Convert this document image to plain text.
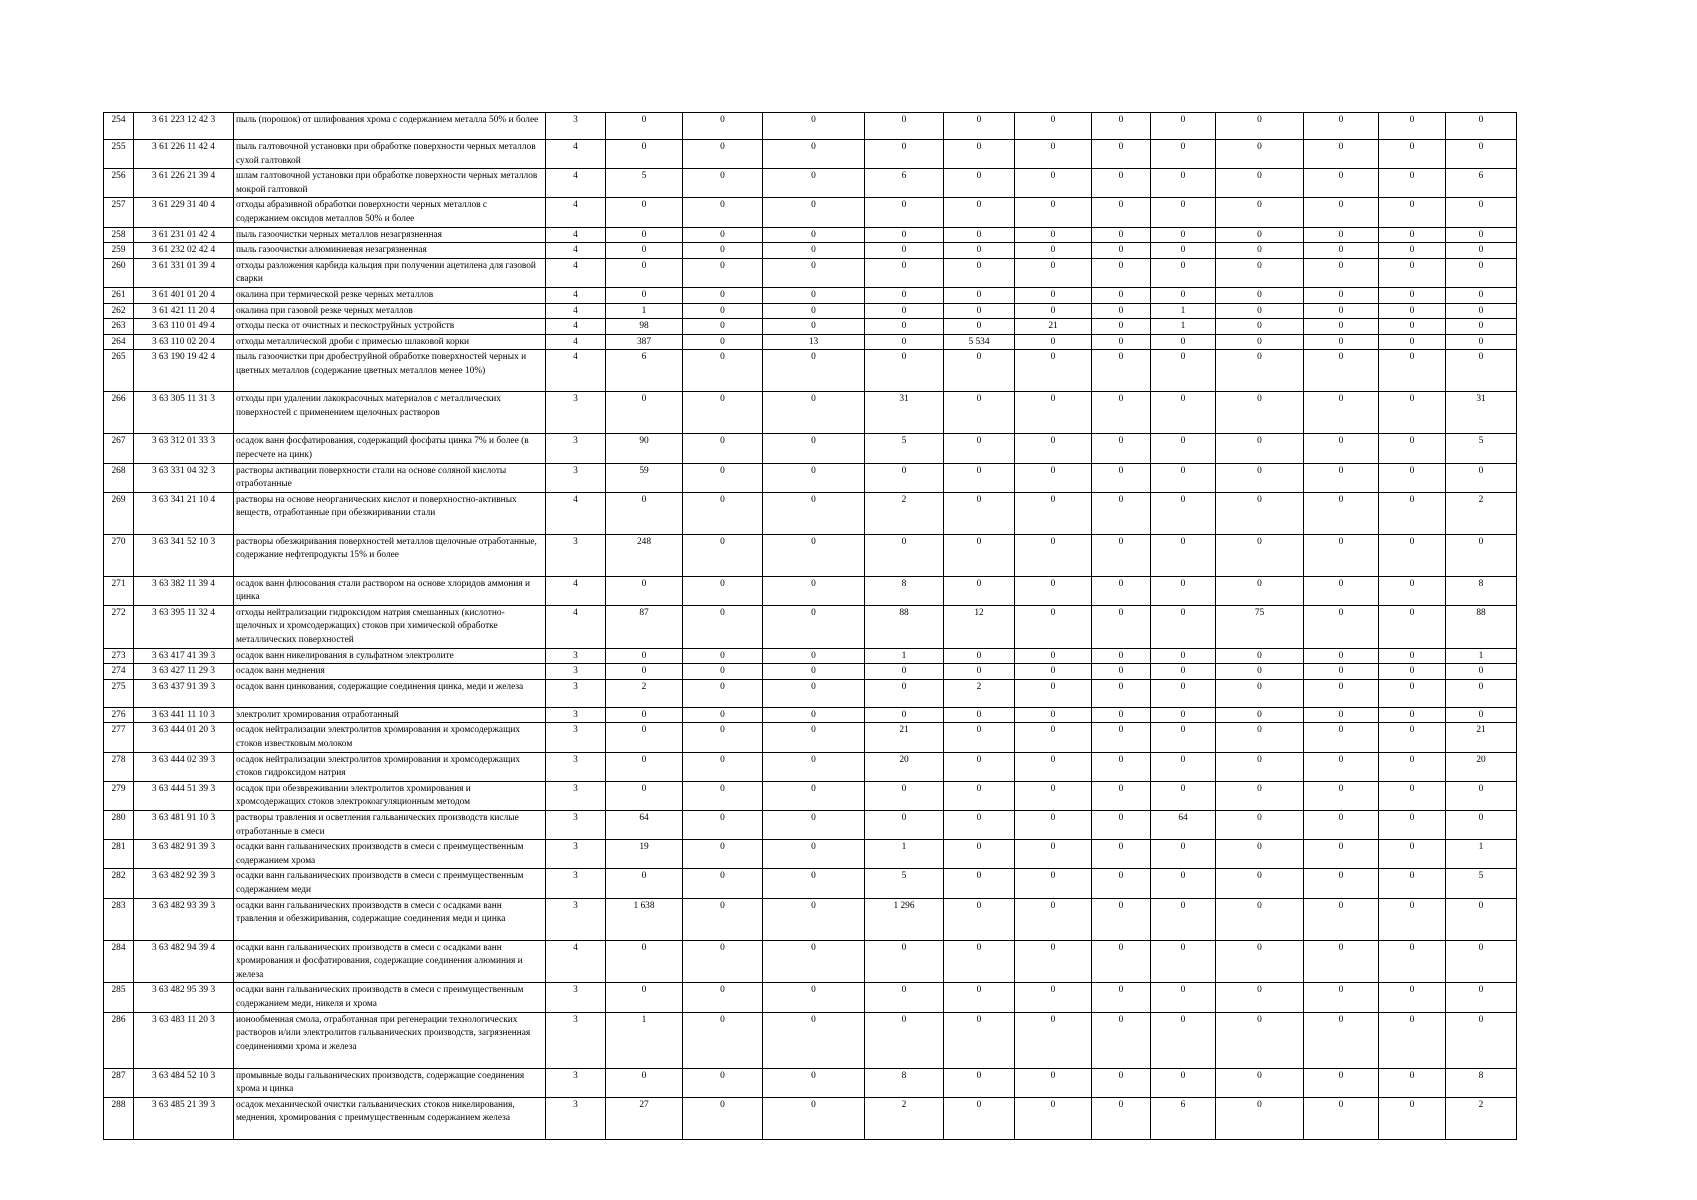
254	3 61 223 12 42 3	пыль (порошок) от шлифования хрома с содержанием металла 50% и более	3	0	0	0	0	0	0	0	0	0	0	0	0
255	3 61 226 11 42 4	пыль галтовочной установки при обработке поверхности черных металлов сухой галтовкой	4	0	0	0	0	0	0	0	0	0	0	0	0
256	3 61 226 21 39 4	шлам галтовочной установки при обработке поверхности черных металлов мокрой галтовкой	4	5	0	0	6	0	0	0	0	0	0	0	6
257	3 61 229 31 40 4	отходы абразивной обработки поверхности черных металлов с содержанием оксидов металлов 50% и более	4	0	0	0	0	0	0	0	0	0	0	0	0
258	3 61 231 01 42 4	пыль газоочистки черных металлов незагрязненная	4	0	0	0	0	0	0	0	0	0	0	0	0
259	3 61 232 02 42 4	пыль газоочистки алюминиевая незагрязненная	4	0	0	0	0	0	0	0	0	0	0	0	0
260	3 61 331 01 39 4	отходы разложения карбида кальция при получении ацетилена для газовой сварки	4	0	0	0	0	0	0	0	0	0	0	0	0
261	3 61 401 01 20 4	окалина при термической резке черных металлов	4	0	0	0	0	0	0	0	0	0	0	0	0
262	3 61 421 11 20 4	окалина при газовой резке черных металлов	4	1	0	0	0	0	0	0	1	0	0	0	0
263	3 63 110 01 49 4	отходы песка от очистных и пескоструйных устройств	4	98	0	0	0	0	21	0	1	0	0	0	0
264	3 63 110 02 20 4	отходы металлической дроби с примесью шлаковой корки	4	387	0	13	0	5 534	0	0	0	0	0	0	0
265	3 63 190 19 42 4	пыль газоочистки при дробеструйной обработке поверхностей черных и цветных металлов (содержание цветных металлов менее 10%)	4	6	0	0	0	0	0	0	0	0	0	0	0
266	3 63 305 11 31 3	отходы при удалении лакокрасочных материалов с металлических поверхностей с применением щелочных растворов	3	0	0	0	31	0	0	0	0	0	0	0	31
267	3 63 312 01 33 3	осадок ванн фосфатирования, содержащий фосфаты цинка 7% и более (в пересчете на цинк)	3	90	0	0	5	0	0	0	0	0	0	0	5
268	3 63 331 04 32 3	растворы активации поверхности стали на основе соляной кислоты отработанные	3	59	0	0	0	0	0	0	0	0	0	0	0
269	3 63 341 21 10 4	растворы на основе неорганических кислот и поверхностно-активных веществ, отработанные при обезжиривании стали	4	0	0	0	2	0	0	0	0	0	0	0	2
270	3 63 341 52 10 3	растворы обезжиривания поверхностей металлов щелочные отработанные, содержание нефтепродукты 15% и более	3	248	0	0	0	0	0	0	0	0	0	0	0
271	3 63 382 11 39 4	осадок ванн флюсования стали раствором на основе хлоридов аммония и цинка	4	0	0	0	8	0	0	0	0	0	0	0	8
272	3 63 395 11 32 4	отходы нейтрализации гидроксидом натрия смешанных (кислотно-щелочных и хромсодержащих) стоков при химической обработке металлических поверхностей	4	87	0	0	88	12	0	0	0	75	0	0	88
273	3 63 417 41 39 3	осадок ванн никелирования в сульфатном электролите	3	0	0	0	1	0	0	0	0	0	0	0	1
274	3 63 427 11 29 3	осадок ванн меднения	3	0	0	0	0	0	0	0	0	0	0	0	0
275	3 63 437 91 39 3	осадок ванн цинкования, содержащие соединения цинка, меди и железа	3	2	0	0	0	2	0	0	0	0	0	0	0
276	3 63 441 11 10 3	электролит хромирования отработанный	3	0	0	0	0	0	0	0	0	0	0	0	0
277	3 63 444 01 20 3	осадок нейтрализации электролитов хромирования и хромсодержащих стоков известковым молоком	3	0	0	0	21	0	0	0	0	0	0	0	21
278	3 63 444 02 39 3	осадок нейтрализации электролитов хромирования и хромсодержащих стоков гидроксидом натрия	3	0	0	0	20	0	0	0	0	0	0	0	20
279	3 63 444 51 39 3	осадок при обезвреживании электролитов хромирования и хромсодержащих стоков электрокоагуляционным методом	3	0	0	0	0	0	0	0	0	0	0	0	0
280	3 63 481 91 10 3	растворы травления и осветления гальванических производств кислые отработанные в смеси	3	64	0	0	0	0	0	0	64	0	0	0	0
281	3 63 482 91 39 3	осадки ванн гальванических производств в смеси с преимущественным содержанием хрома	3	19	0	0	1	0	0	0	0	0	0	0	1
282	3 63 482 92 39 3	осадки ванн гальванических производств в смеси с преимущественным содержанием меди	3	0	0	0	5	0	0	0	0	0	0	0	5
283	3 63 482 93 39 3	осадки ванн гальванических производств в смеси с осадками ванн травления и обезжиривания, содержащие соединения меди и цинка	3	1 638	0	0	1 296	0	0	0	0	0	0	0	0
284	3 63 482 94 39 4	осадки ванн гальванических производств в смеси с осадками ванн хромирования и фосфатирования, содержащие соединения алюминия и железа	4	0	0	0	0	0	0	0	0	0	0	0	0
285	3 63 482 95 39 3	осадки ванн гальванических производств в смеси с преимущественным содержанием меди, никеля и хрома	3	0	0	0	0	0	0	0	0	0	0	0	0
286	3 63 483 11 20 3	ионообменная смола, отработанная при регенерации технологических растворов и/или электролитов гальванических производств, загрязненная соединениями хрома и железа	3	1	0	0	0	0	0	0	0	0	0	0	0
287	3 63 484 52 10 3	промывные воды гальванических производств, содержащие соединения хрома и цинка	3	0	0	0	8	0	0	0	0	0	0	0	8
288	3 63 485 21 39 3	осадок механической очистки гальванических стоков никелирования, меднения, хромирования с преимущественным содержанием железа	3	27	0	0	2	0	0	0	6	0	0	0	2
